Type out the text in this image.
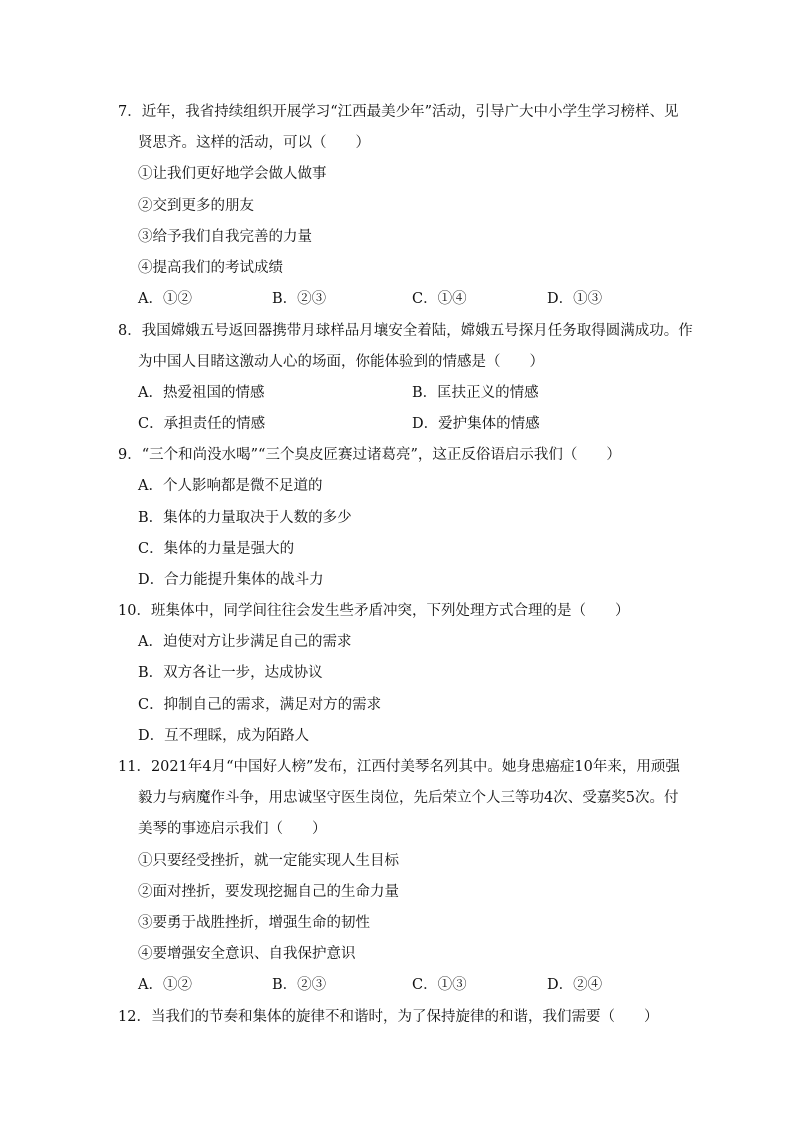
7．近年，我省持续组织开展学习“江西最美少年”活动，引导广大中小学生学习榜样、见
贤思齐。这样的活动，可以（　　）
①让我们更好地学会做人做事
②交到更多的朋友
③给予我们自我完善的力量
④提高我们的考试成绩
A．①②	B．②③	C．①④	D．①③
8．我国嫦娥五号返回器携带月球样品月壤安全着陆，嫦娥五号探月任务取得圆满成功。作
为中国人目睹这激动人心的场面，你能体验到的情感是（　　）
A．热爱祖国的情感	B．匡扶正义的情感
C．承担责任的情感	D．爱护集体的情感
9．“三个和尚没水喝”“三个臭皮匠赛过诸葛亮”，这正反俗语启示我们（　　）
A．个人影响都是微不足道的
B．集体的力量取决于人数的多少
C．集体的力量是强大的
D．合力能提升集体的战斗力
10．班集体中，同学间往往会发生些矛盾冲突，下列处理方式合理的是（　　）
A．迫使对方让步满足自己的需求
B．双方各让一步，达成协议
C．抑制自己的需求，满足对方的需求
D．互不理睬，成为陌路人
11．2021年4月“中国好人榜”发布，江西付美琴名列其中。她身患癌症10年来，用顽强
毅力与病魔作斗争，用忠诚坚守医生岗位，先后荣立个人三等功4次、受嘉奖5次。付
美琴的事迹启示我们（　　）
①只要经受挫折，就一定能实现人生目标
②面对挫折，要发现挖掘自己的生命力量
③要勇于战胜挫折，增强生命的韧性
④要增强安全意识、自我保护意识
A．①②	B．②③	C．①③	D．②④
12．当我们的节奏和集体的旋律不和谐时，为了保持旋律的和谐，我们需要（　　）
